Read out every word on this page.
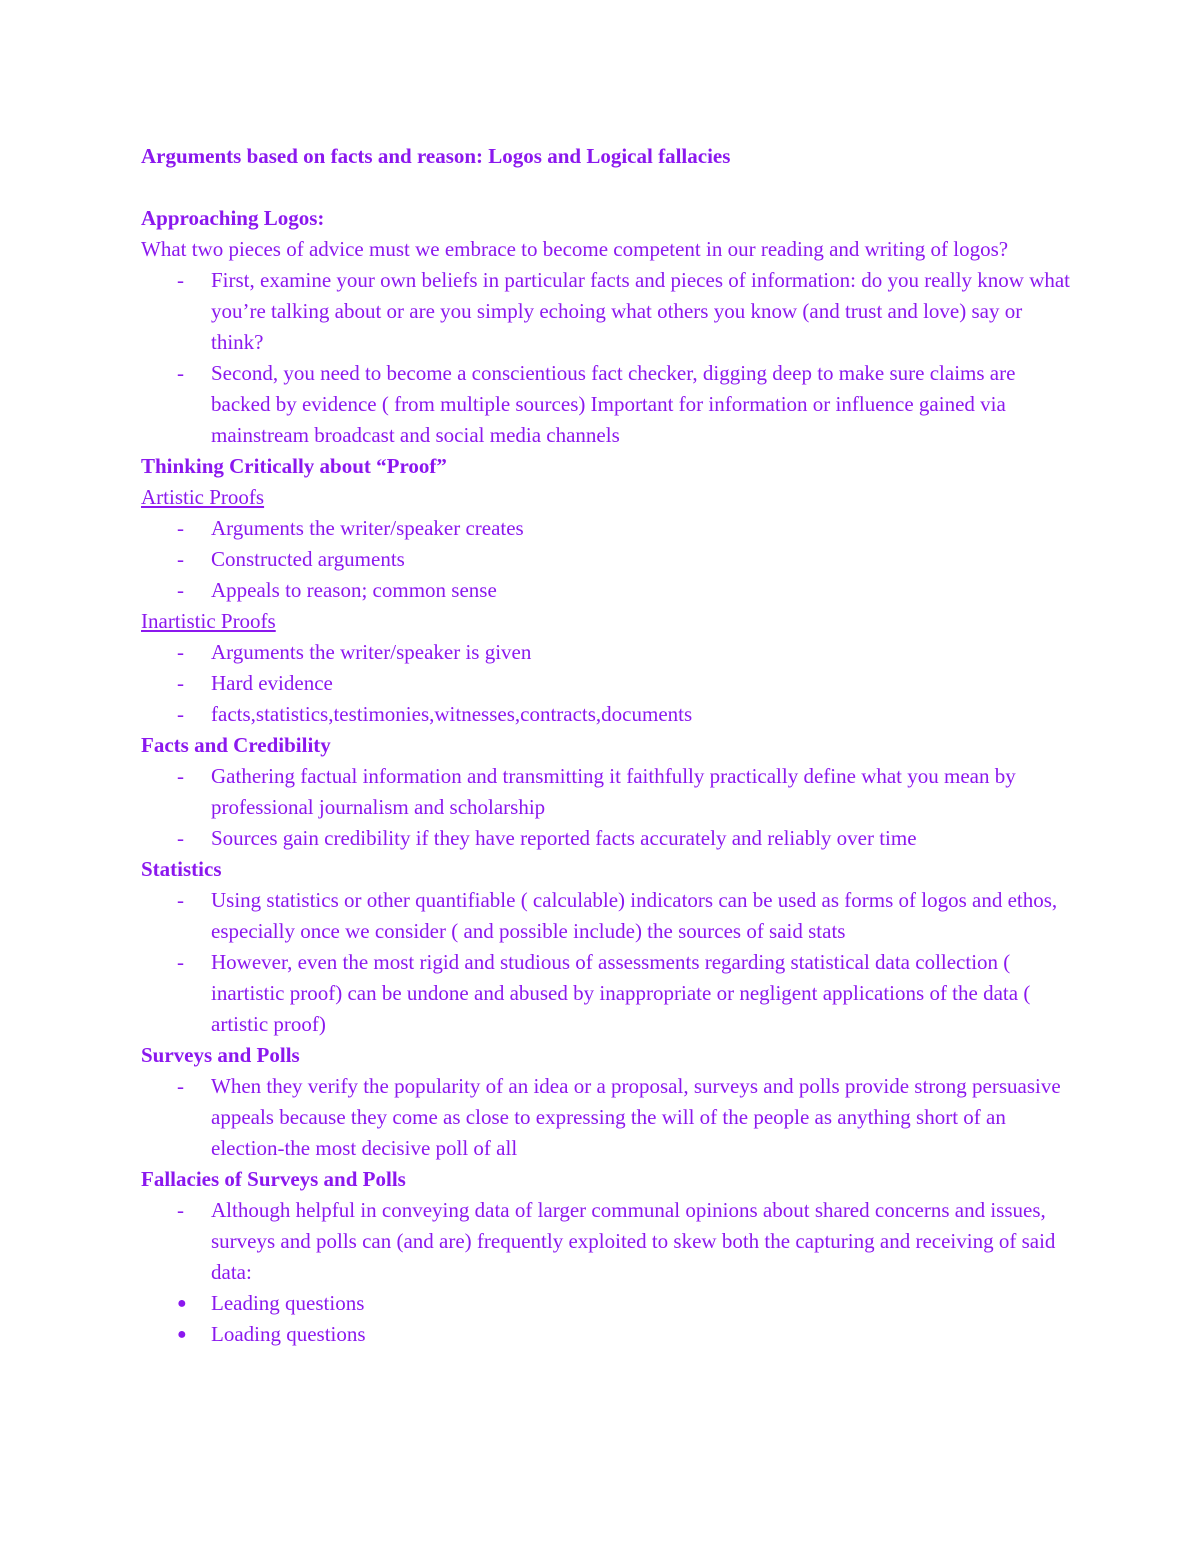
Arguments based on facts and reason: Logos and Logical fallacies

Approaching Logos:

What two pieces of advice must we embrace to become competent in our reading and writing of logos?

- First, examine your own beliefs in particular facts and pieces of information: do you really know what you’re talking about or are you simply echoing what others you know (and trust and love) say or think?
- Second, you need to become a conscientious fact checker, digging deep to make sure claims are backed by evidence ( from multiple sources) Important for information or influence gained via mainstream broadcast and social media channels

Thinking Critically about “Proof”

Artistic Proofs

- Arguments the writer/speaker creates
- Constructed arguments
- Appeals to reason; common sense

Inartistic Proofs

- Arguments the writer/speaker is given
- Hard evidence
- facts,statistics,testimonies,witnesses,contracts,documents

Facts and Credibility

- Gathering factual information and transmitting it faithfully practically define what you mean by professional journalism and scholarship
- Sources gain credibility if they have reported facts accurately and reliably over time

Statistics

- Using statistics or other quantifiable ( calculable) indicators can be used as forms of logos and ethos, especially once we consider ( and possible include) the sources of said stats
- However, even the most rigid and studious of assessments regarding statistical data collection ( inartistic proof) can be undone and abused by inappropriate or negligent applications of the data ( artistic proof)

Surveys and Polls

- When they verify the popularity of an idea or a proposal, surveys and polls provide strong persuasive appeals because they come as close to expressing the will of the people as anything short of an election-the most decisive poll of all

Fallacies of Surveys and Polls

- Although helpful in conveying data of larger communal opinions about shared concerns and issues, surveys and polls can (and are) frequently exploited to skew both the capturing and receiving of said data:
● Leading questions
● Loading questions
